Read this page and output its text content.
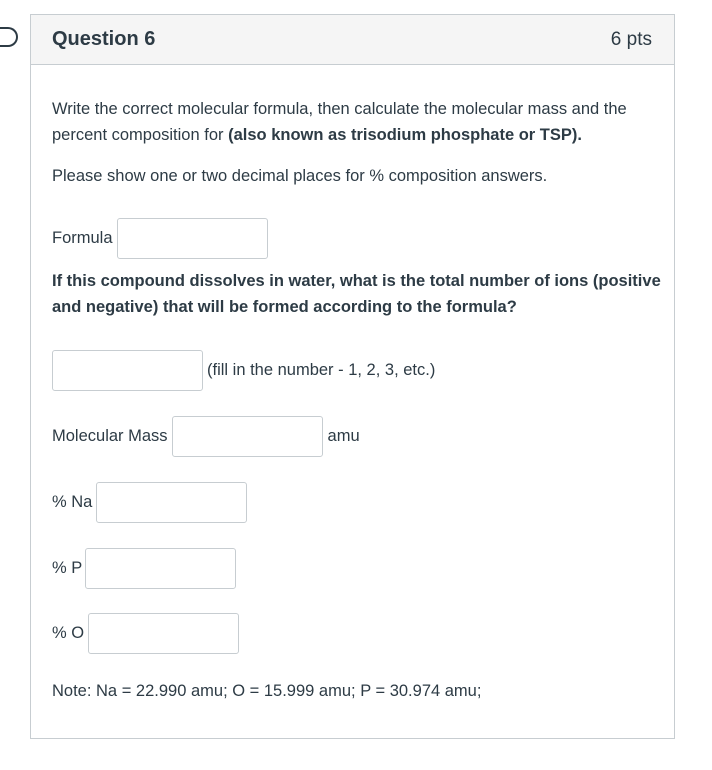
Question 6	6 pts

Write the correct molecular formula, then calculate the molecular mass and the percent composition for (also known as trisodium phosphate or TSP).

Please show one or two decimal places for % composition answers.

Formula

If this compound dissolves in water, what is the total number of ions (positive and negative) that will be formed according to the formula?

(fill in the number - 1, 2, 3, etc.)
Molecular Mass	amu
% Na
% P
% O

Note: Na = 22.990 amu; O = 15.999 amu; P = 30.974 amu;
